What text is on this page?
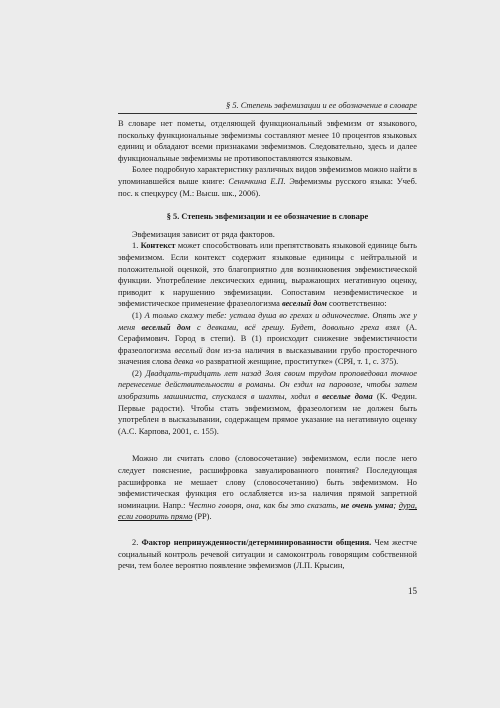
§ 5. Степень эвфемизации и ее обозначение в словаре

В словаре нет пометы, отделяющей функциональный эвфемизм от языкового, поскольку функциональные эвфемизмы составляют менее 10 процентов языковых единиц и обладают всеми признаками эвфемизмов. Следовательно, здесь и далее функциональные эвфемизмы не противопоставляются языковым.

Более подробную характеристику различных видов эвфемизмов можно найти в упоминавшейся выше книге: Сеничкина Е.П. Эвфемизмы русского языка: Учеб. пос. к спецкурсу (М.: Высш. шк., 2006).

§ 5. Степень эвфемизации и ее обозначение в словаре

Эвфемизация зависит от ряда факторов.

1. Контекст может способствовать или препятствовать языковой единице быть эвфемизмом. Если контекст содержит языковые единицы с нейтральной и положительной оценкой, это благоприятно для возникновения эвфемистической функции. Употребление лексических единиц, выражающих негативную оценку, приводит к нарушению эвфемизации. Сопоставим неэвфемистическое и эвфемистическое применение фразеологизма веселый дом соответственно:

(1) А только скажу тебе: устала душа во грехах и одиночестве. Опять же у меня веселый дом с девками, всё грешу. Будет, довольно греха взял (А. Серафимович. Город в степи). В (1) происходит снижение эвфемистичности фразеологизма веселый дом из-за наличия в высказывании грубо просторечного значения слова девка «о развратной женщине, проститутке» (СРЯ, т. 1, с. 375).

(2) Двадцать-тридцать лет назад Золя своим трудом проповедовал точное перенесение действительности в романы. Он ездил на паровозе, чтобы затем изобразить машиниста, спускался в шахты, ходил в веселые дома (К. Федин. Первые радости). Чтобы стать эвфемизмом, фразеологизм не должен быть употреблен в высказывании, содержащем прямое указание на негативную оценку (А.С. Карпова, 2001, с. 155).

Можно ли считать слово (словосочетание) эвфемизмом, если после него следует пояснение, расшифровка завуалированного понятия? Последующая расшифровка не мешает слову (словосочетанию) быть эвфемизмом. Но эвфемистическая функция его ослабляется из-за наличия прямой запретной номинации. Напр.: Честно говоря, она, как бы это сказать, не очень умна; дура, если говорить прямо (РР).

2. Фактор непринужденности/детерминированности общения. Чем жестче социальный контроль речевой ситуации и самоконтроль говорящим собственной речи, тем более вероятно появление эвфемизмов (Л.П. Крысин,

15
